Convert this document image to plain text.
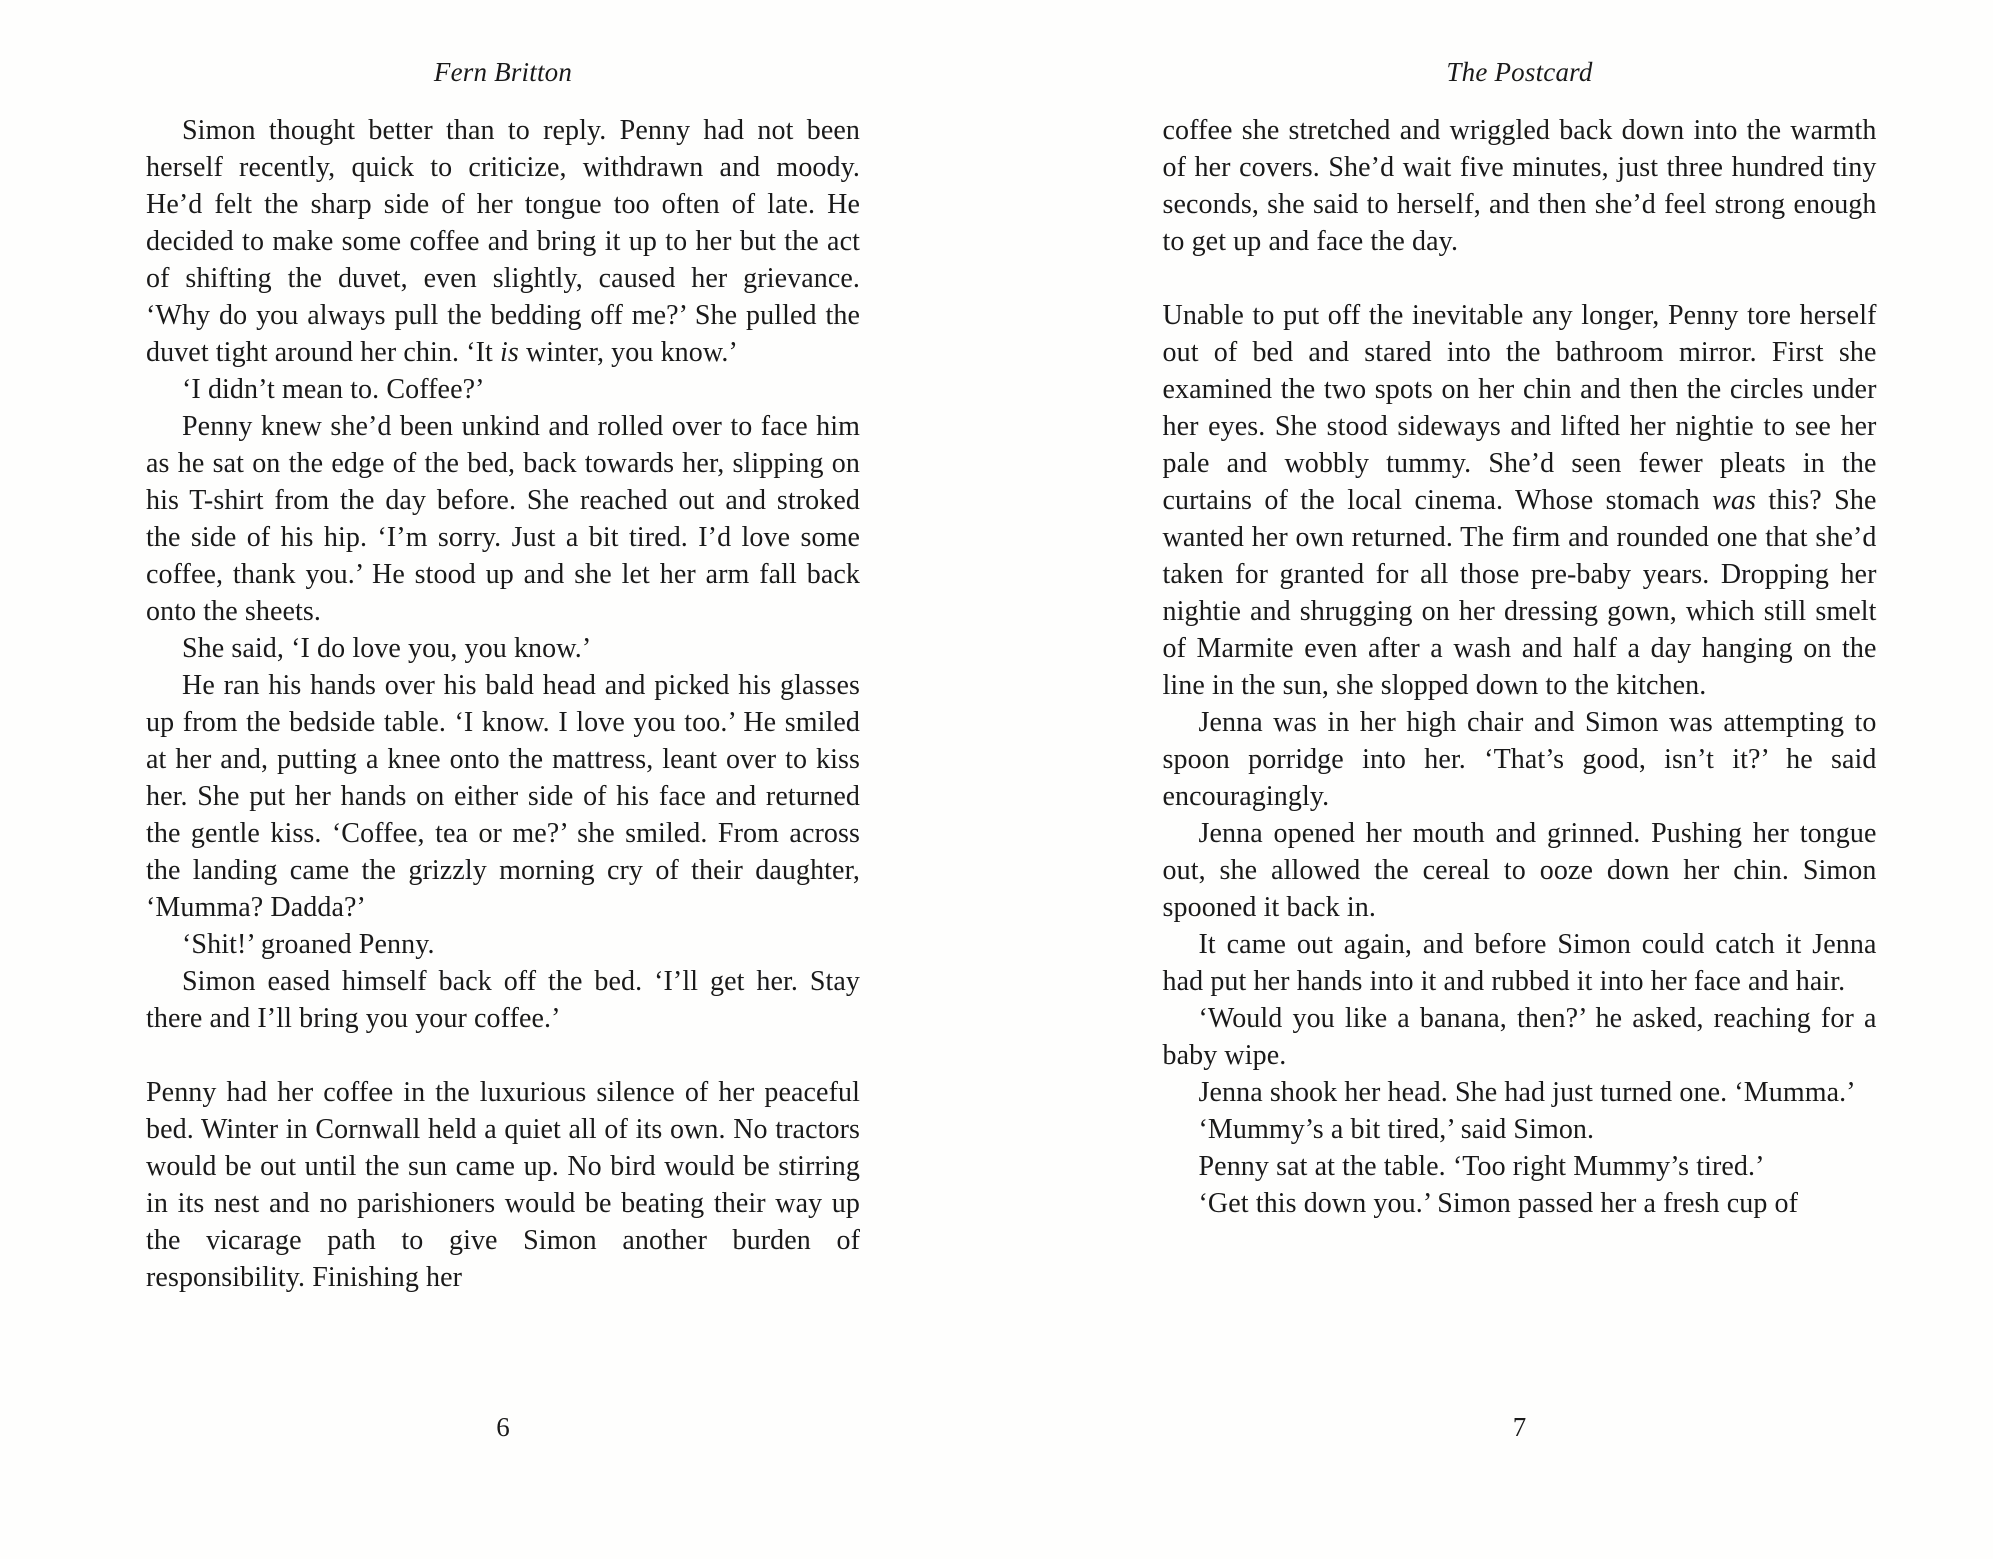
Fern Britton

Simon thought better than to reply. Penny had not been herself recently, quick to criticize, withdrawn and moody. He’d felt the sharp side of her tongue too often of late. He decided to make some coffee and bring it up to her but the act of shifting the duvet, even slightly, caused her grievance. ‘Why do you always pull the bedding off me?’ She pulled the duvet tight around her chin. ‘It is winter, you know.’

‘I didn’t mean to. Coffee?’

Penny knew she’d been unkind and rolled over to face him as he sat on the edge of the bed, back towards her, slipping on his T-shirt from the day before. She reached out and stroked the side of his hip. ‘I’m sorry. Just a bit tired. I’d love some coffee, thank you.’ He stood up and she let her arm fall back onto the sheets.

She said, ‘I do love you, you know.’

He ran his hands over his bald head and picked his glasses up from the bedside table. ‘I know. I love you too.’ He smiled at her and, putting a knee onto the mattress, leant over to kiss her. She put her hands on either side of his face and returned the gentle kiss. ‘Coffee, tea or me?’ she smiled. From across the landing came the grizzly morning cry of their daughter, ‘Mumma? Dadda?’

‘Shit!’ groaned Penny.

Simon eased himself back off the bed. ‘I’ll get her. Stay there and I’ll bring you your coffee.’

Penny had her coffee in the luxurious silence of her peaceful bed. Winter in Cornwall held a quiet all of its own. No tractors would be out until the sun came up. No bird would be stirring in its nest and no parishioners would be beating their way up the vicarage path to give Simon another burden of responsibility. Finishing her

6
The Postcard

coffee she stretched and wriggled back down into the warmth of her covers. She’d wait five minutes, just three hundred tiny seconds, she said to herself, and then she’d feel strong enough to get up and face the day.

Unable to put off the inevitable any longer, Penny tore herself out of bed and stared into the bathroom mirror. First she examined the two spots on her chin and then the circles under her eyes. She stood sideways and lifted her nightie to see her pale and wobbly tummy. She’d seen fewer pleats in the curtains of the local cinema. Whose stomach was this? She wanted her own returned. The firm and rounded one that she’d taken for granted for all those pre-baby years. Dropping her nightie and shrugging on her dressing gown, which still smelt of Marmite even after a wash and half a day hanging on the line in the sun, she slopped down to the kitchen.

Jenna was in her high chair and Simon was attempting to spoon porridge into her. ‘That’s good, isn’t it?’ he said encouragingly.

Jenna opened her mouth and grinned. Pushing her tongue out, she allowed the cereal to ooze down her chin. Simon spooned it back in.

It came out again, and before Simon could catch it Jenna had put her hands into it and rubbed it into her face and hair.

‘Would you like a banana, then?’ he asked, reaching for a baby wipe.

Jenna shook her head. She had just turned one. ‘Mumma.’

‘Mummy’s a bit tired,’ said Simon.

Penny sat at the table. ‘Too right Mummy’s tired.’

‘Get this down you.’ Simon passed her a fresh cup of

7
